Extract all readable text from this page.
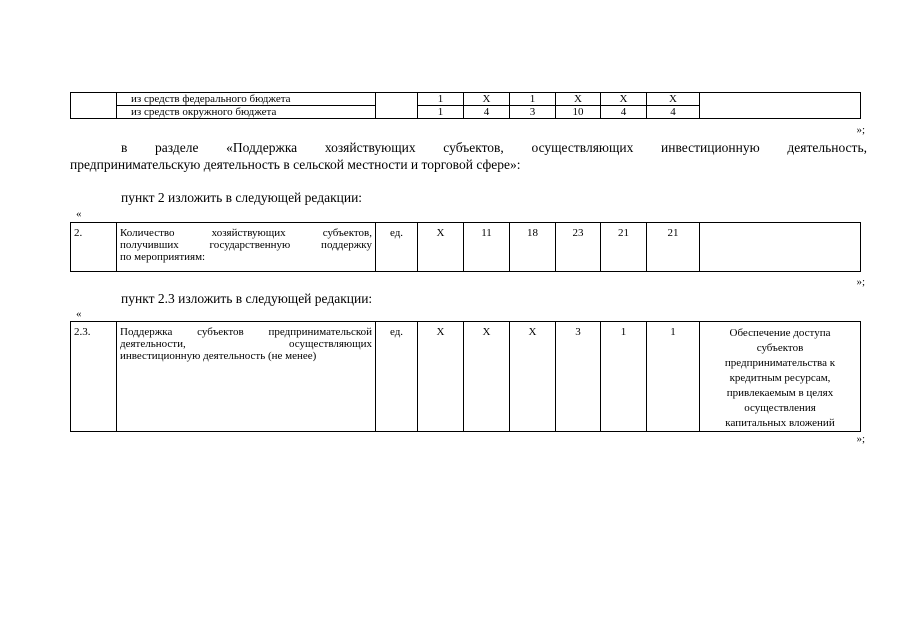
	из средств федерального бюджета		1	Х	1	Х	Х	Х	
	из средств окружного бюджета		1	4	3	10	4	4	
»;
в разделе «Поддержка хозяйствующих субъектов, осуществляющих инвестиционную деятельность,
предпринимательскую деятельность в сельской местности и торговой сфере»:
пункт 2 изложить в следующей редакции:
«
2.	Количество хозяйствующих субъектов,
получивших государственную поддержку
по мероприятиям:
	ед.	Х	11	18	23	21	21	
»;
пункт 2.3 изложить в следующей редакции:
«
2.3.	Поддержка субъектов предпринимательской
деятельности, осуществляющих
инвестиционную деятельность (не менее)
	ед.	Х	Х	Х	3	1	1	Обеспечение доступа
субъектов
предпринимательства к
кредитным ресурсам,
привлекаемым в целях
осуществления
капитальных вложений
»;
